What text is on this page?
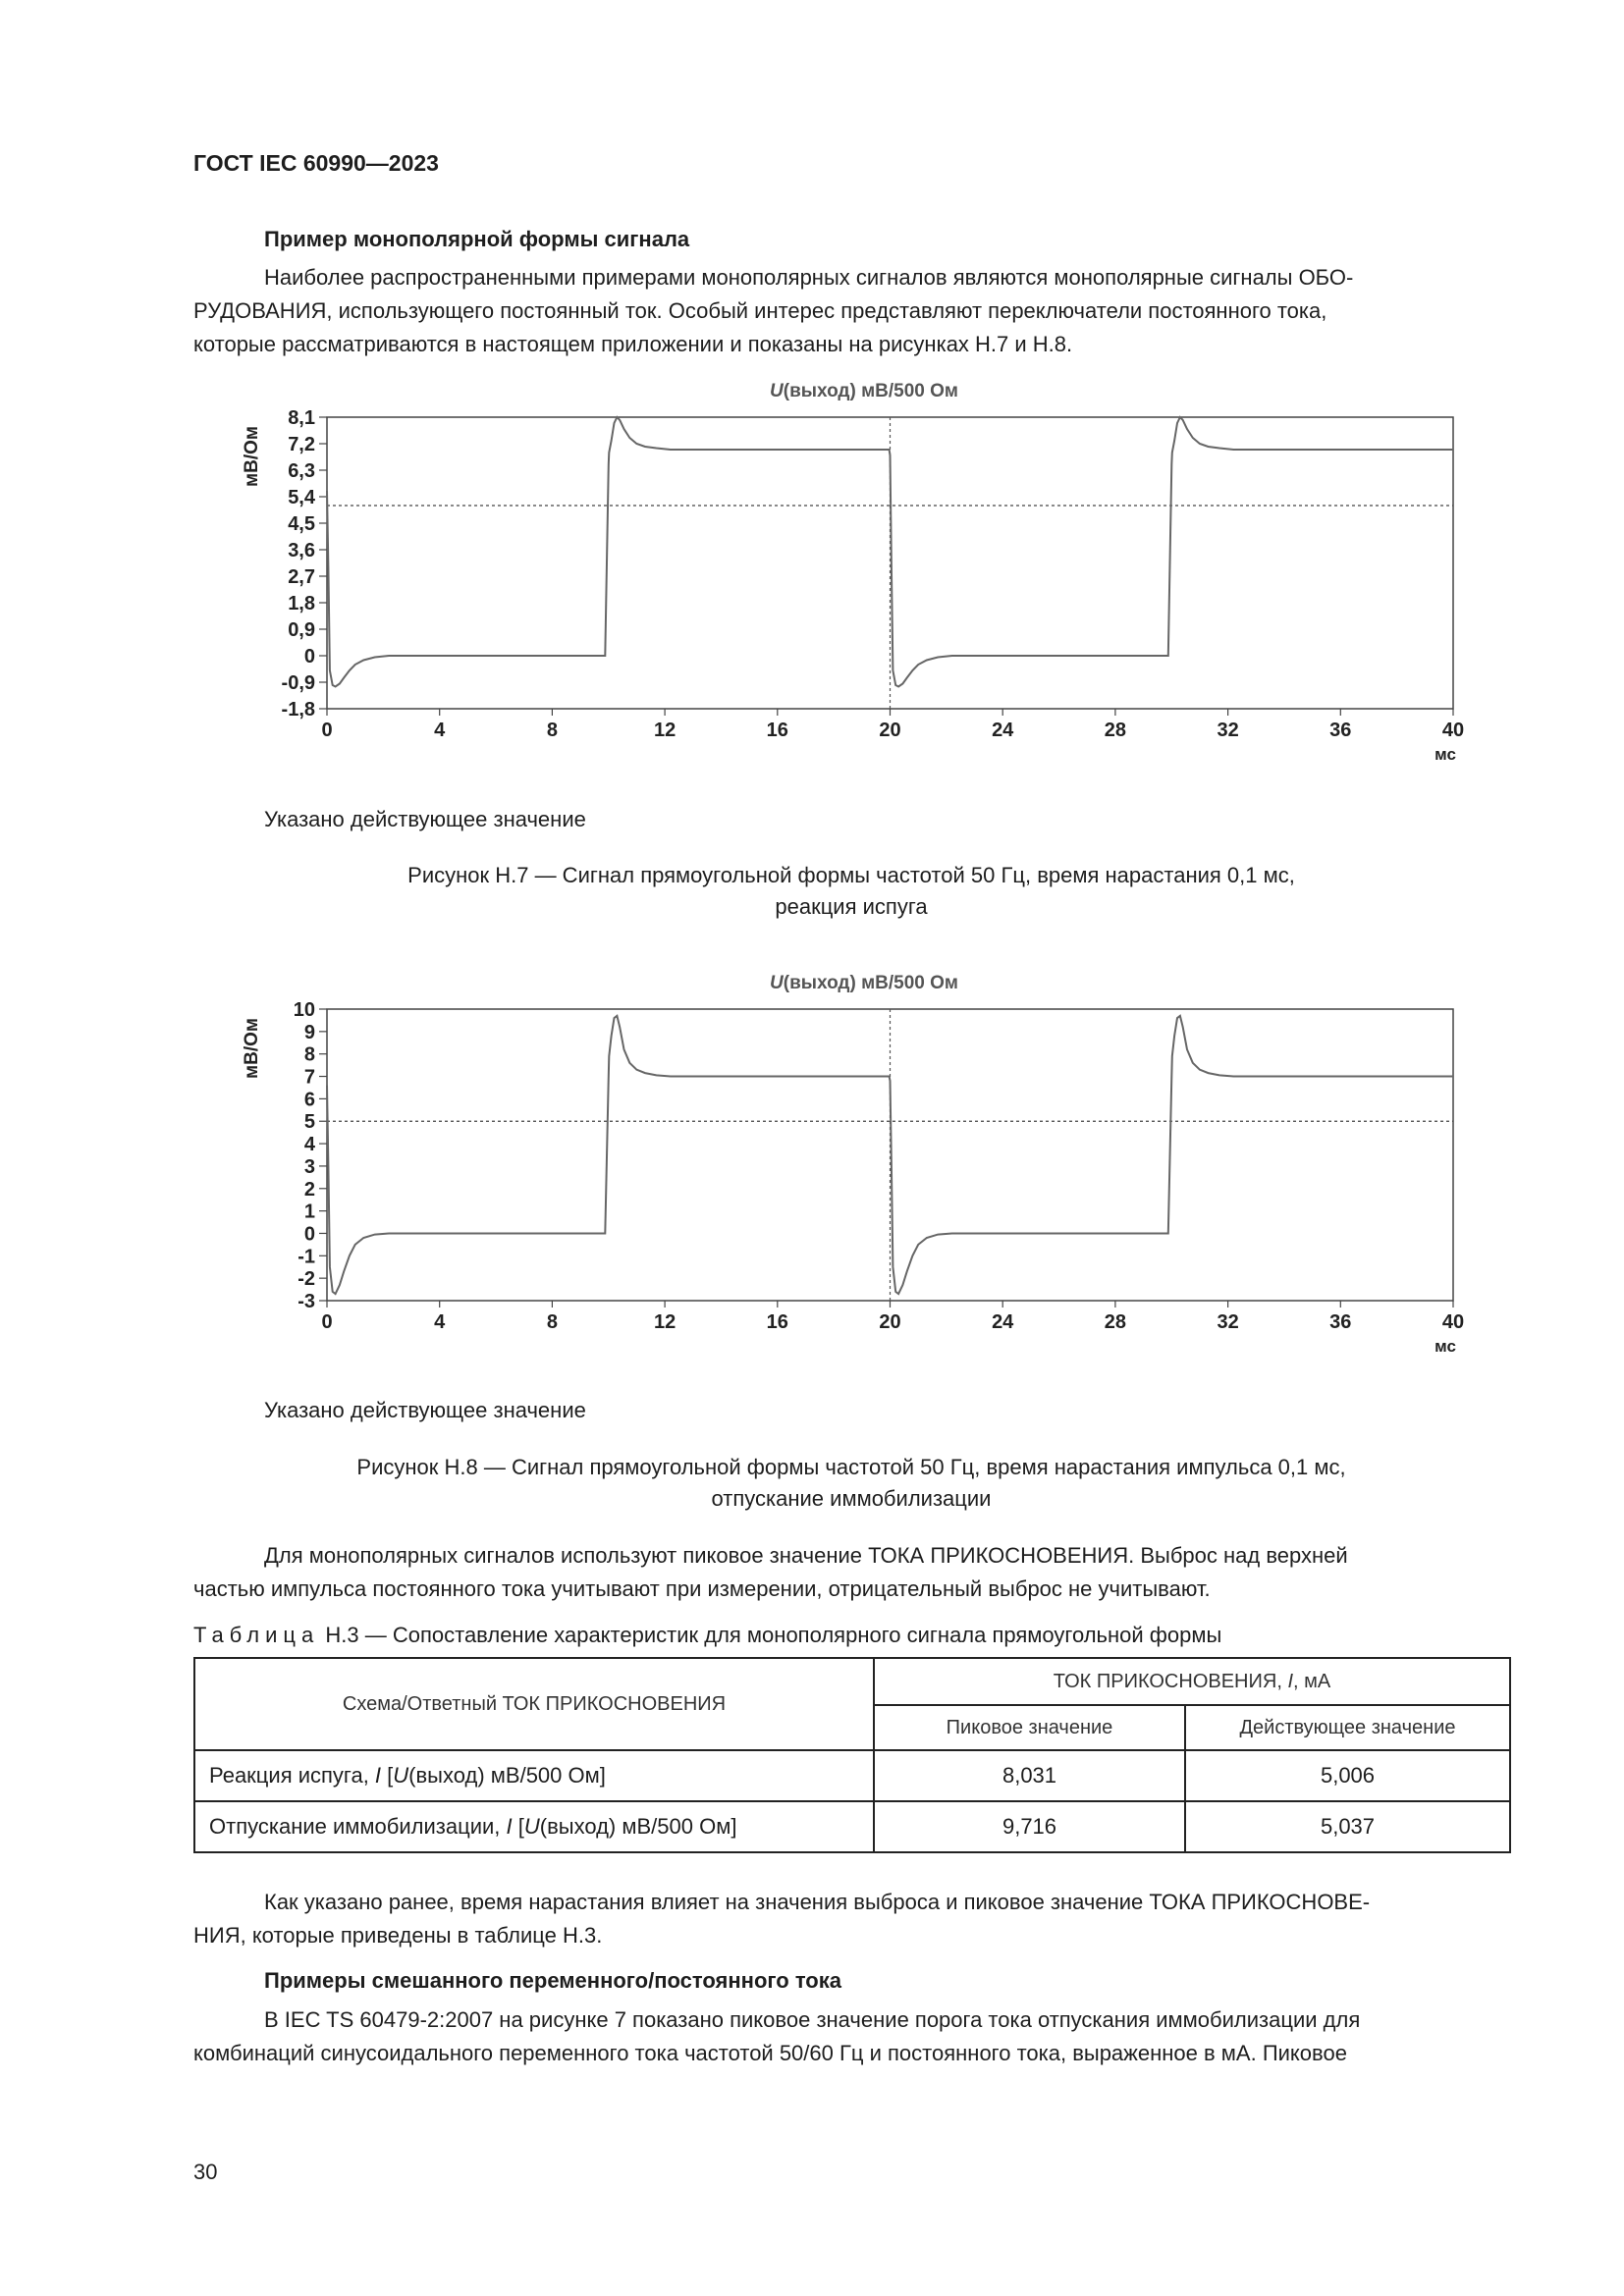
ГОСТ IEC 60990—2023
Пример монополярной формы сигнала
Наиболее распространенными примерами монополярных сигналов являются монополярные сигналы ОБО-
РУДОВАНИЯ, использующего постоянный ток. Особый интерес представляют переключатели постоянного тока,
которые рассматриваются в настоящем приложении и показаны на рисунках Н.7 и Н.8.
U(выход) мВ/500 Ом
8,1
7,2
6,3
5,4
4,5
3,6
2,7
1,8
0,9
0
-0,9
-1,8
0	4	8	12	16	20	24	28	32	36	40
мс
мВ/Ом
Указано действующее значение
Рисунок Н.7 — Сигнал прямоугольной формы частотой 50 Гц, время нарастания 0,1 мс,
реакция испуга
U(выход) мВ/500 Ом
10
9
8
7
6
5
4
3
2
1
0
-1
-2
-3
0	4	8	12	16	20	24	28	32	36	40
мс
мВ/Ом
Указано действующее значение
Рисунок Н.8 — Сигнал прямоугольной формы частотой 50 Гц, время нарастания импульса 0,1 мс,
отпускание иммобилизации
Для монополярных сигналов используют пиковое значение ТОКА ПРИКОСНОВЕНИЯ. Выброс над верхней
частью импульса постоянного тока учитывают при измерении, отрицательный выброс не учитывают.
Таблица Н.3 — Сопоставление характеристик для монополярного сигнала прямоугольной формы
Схема/Ответный ТОК ПРИКОСНОВЕНИЯ	ТОК ПРИКОСНОВЕНИЯ, I, мА	
	Пиковое значение	Действующее значение
Реакция испуга, I [U(выход) мВ/500 Ом]	8,031	5,006
Отпускание иммобилизации, I [U(выход) мВ/500 Ом]	9,716	5,037
Как указано ранее, время нарастания влияет на значения выброса и пиковое значение ТОКА ПРИКОСНОВЕ-
НИЯ, которые приведены в таблице Н.3.
Примеры смешанного переменного/постоянного тока
В IEC TS 60479-2:2007 на рисунке 7 показано пиковое значение порога тока отпускания иммобилизации для
комбинаций синусоидального переменного тока частотой 50/60 Гц и постоянного тока, выраженное в мА. Пиковое
30
